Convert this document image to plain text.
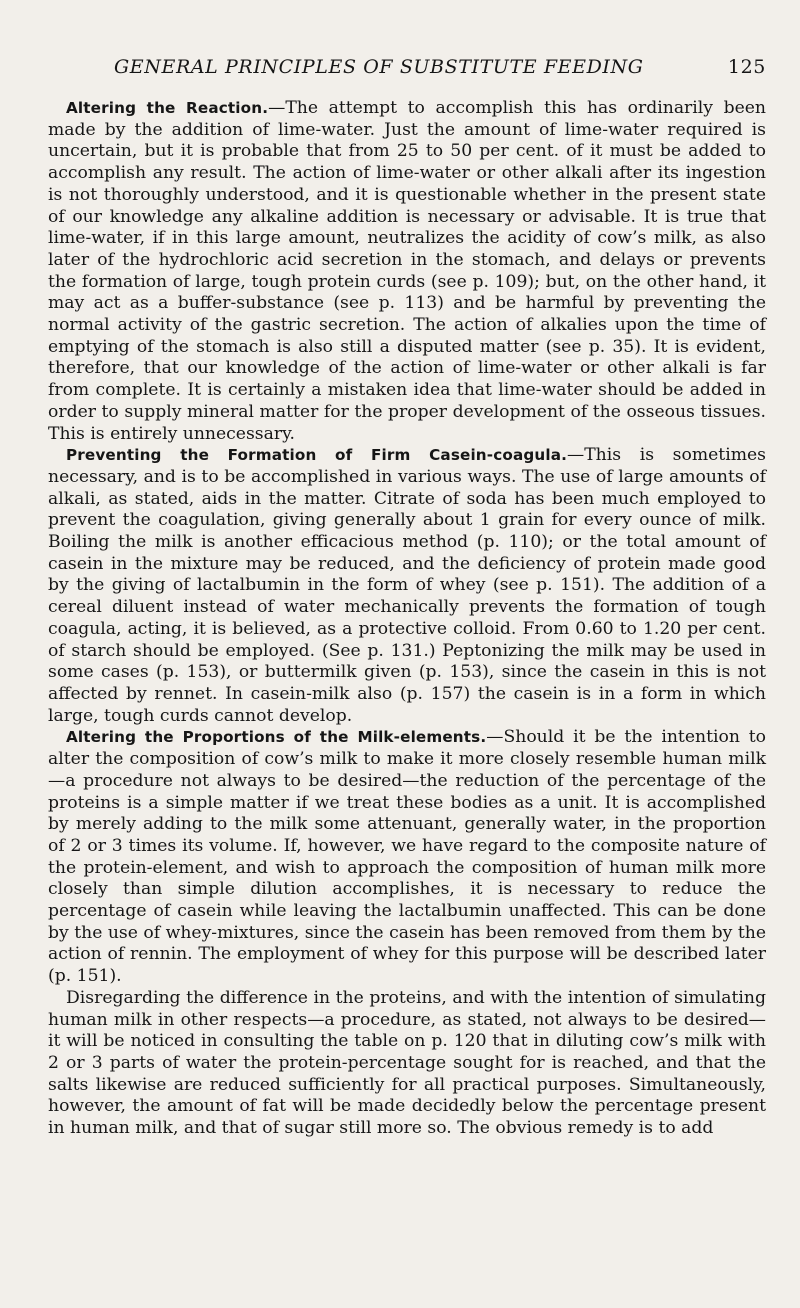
GENERAL PRINCIPLES OF SUBSTITUTE FEEDING	125

Altering the Reaction.—The attempt to accomplish this has ordinarily been made by the addition of lime-water. Just the amount of lime-water required is uncertain, but it is probable that from 25 to 50 per cent. of it must be added to accomplish any result. The action of lime-water or other alkali after its ingestion is not thoroughly understood, and it is questionable whether in the present state of our knowledge any alkaline addition is necessary or advisable. It is true that lime-water, if in this large amount, neutralizes the acidity of cow’s milk, as also later of the hydrochloric acid secretion in the stomach, and delays or prevents the formation of large, tough protein curds (see p. 109); but, on the other hand, it may act as a buffer-substance (see p. 113) and be harmful by preventing the normal activity of the gastric secretion. The action of alkalies upon the time of emptying of the stomach is also still a disputed matter (see p. 35). It is evident, therefore, that our knowledge of the action of lime-water or other alkali is far from complete. It is certainly a mistaken idea that lime-water should be added in order to supply mineral matter for the proper development of the osseous tissues. This is entirely unnecessary.

Preventing the Formation of Firm Casein-coagula.—This is sometimes necessary, and is to be accomplished in various ways. The use of large amounts of alkali, as stated, aids in the matter. Citrate of soda has been much employed to prevent the coagulation, giving generally about 1 grain for every ounce of milk. Boiling the milk is another efficacious method (p. 110); or the total amount of casein in the mixture may be reduced, and the deficiency of protein made good by the giving of lactalbumin in the form of whey (see p. 151). The addition of a cereal diluent instead of water mechanically prevents the formation of tough coagula, acting, it is believed, as a protective colloid. From 0.60 to 1.20 per cent. of starch should be employed. (See p. 131.) Peptonizing the milk may be used in some cases (p. 153), or buttermilk given (p. 153), since the casein in this is not affected by rennet. In casein-milk also (p. 157) the casein is in a form in which large, tough curds cannot develop.

Altering the Proportions of the Milk-elements.—Should it be the intention to alter the composition of cow’s milk to make it more closely resemble human milk—a procedure not always to be desired—the reduction of the percentage of the proteins is a simple matter if we treat these bodies as a unit. It is accomplished by merely adding to the milk some attenuant, generally water, in the proportion of 2 or 3 times its volume. If, however, we have regard to the composite nature of the protein-element, and wish to approach the composition of human milk more closely than simple dilution accomplishes, it is necessary to reduce the percentage of casein while leaving the lactalbumin unaffected. This can be done by the use of whey-mixtures, since the casein has been removed from them by the action of rennin. The employment of whey for this purpose will be described later (p. 151).

Disregarding the difference in the proteins, and with the intention of simulating human milk in other respects—a procedure, as stated, not always to be desired—it will be noticed in consulting the table on p. 120 that in diluting cow’s milk with 2 or 3 parts of water the protein-percentage sought for is reached, and that the salts likewise are reduced sufficiently for all practical purposes. Simultaneously, however, the amount of fat will be made decidedly below the percentage present in human milk, and that of sugar still more so. The obvious remedy is to add
